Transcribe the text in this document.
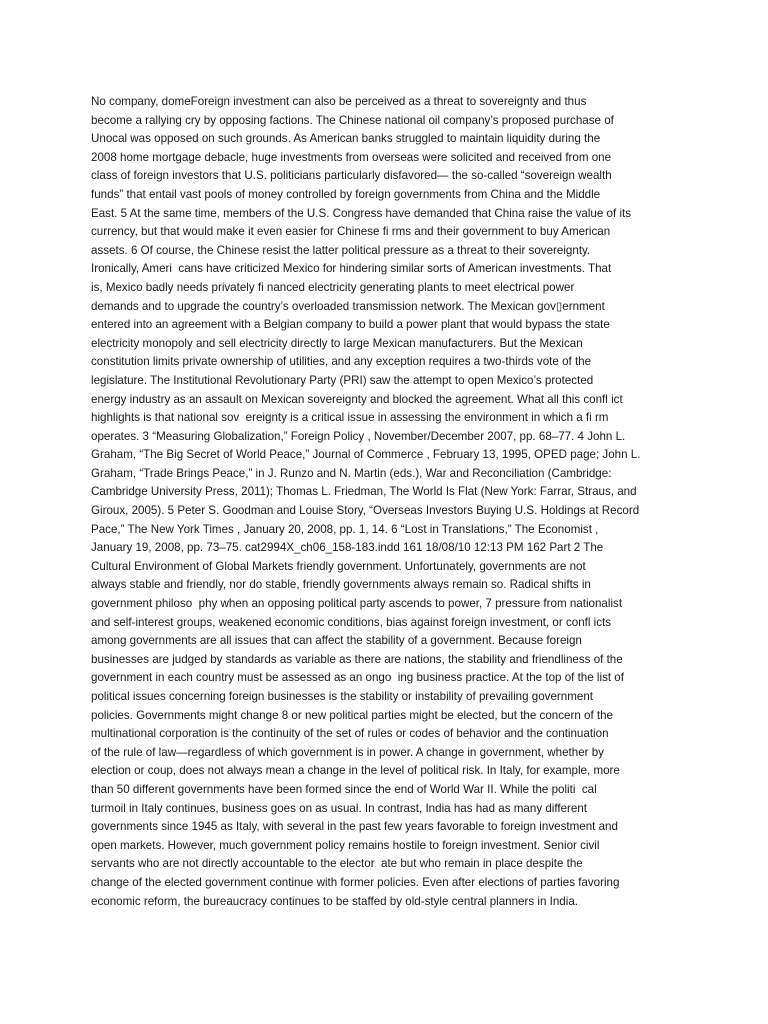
No company, domeForeign investment can also be perceived as a threat to sovereignty and thus
become a rallying cry by opposing factions. The Chinese national oil company’s proposed purchase of
Unocal was opposed on such grounds. As American banks struggled to maintain liquidity during the
2008 home mortgage debacle, huge investments from overseas were solicited and received from one
class of foreign investors that U.S. politicians particularly disfavored— the so-called “sovereign wealth
funds” that entail vast pools of money controlled by foreign governments from China and the Middle
East. 5 At the same time, members of the U.S. Congress have demanded that China raise the value of its
currency, but that would make it even easier for Chinese fi rms and their government to buy American
assets. 6 Of course, the Chinese resist the latter political pressure as a threat to their sovereignty.
Ironically, Ameri  cans have criticized Mexico for hindering similar sorts of American investments. That
is, Mexico badly needs privately fi nanced electricity generating plants to meet electrical power
demands and to upgrade the country’s overloaded transmission network. The Mexican gov▯ernment
entered into an agreement with a Belgian company to build a power plant that would bypass the state
electricity monopoly and sell electricity directly to large Mexican manufacturers. But the Mexican
constitution limits private ownership of utilities, and any exception requires a two-thirds vote of the
legislature. The Institutional Revolutionary Party (PRI) saw the attempt to open Mexico’s protected
energy industry as an assault on Mexican sovereignty and blocked the agreement. What all this confl ict
highlights is that national sov  ereignty is a critical issue in assessing the environment in which a fi rm
operates. 3 “Measuring Globalization,” Foreign Policy , November/December 2007, pp. 68–77. 4 John L.
Graham, “The Big Secret of World Peace,” Journal of Commerce , February 13, 1995, OPED page; John L.
Graham, “Trade Brings Peace,” in J. Runzo and N. Martin (eds.), War and Reconciliation (Cambridge:
Cambridge University Press, 2011); Thomas L. Friedman, The World Is Flat (New York: Farrar, Straus, and
Giroux, 2005). 5 Peter S. Goodman and Louise Story, “Overseas Investors Buying U.S. Holdings at Record
Pace,” The New York Times , January 20, 2008, pp. 1, 14. 6 “Lost in Translations,” The Economist ,
January 19, 2008, pp. 73–75. cat2994X_ch06_158-183.indd 161 18/08/10 12:13 PM 162 Part 2 The
Cultural Environment of Global Markets friendly government. Unfortunately, governments are not
always stable and friendly, nor do stable, friendly governments always remain so. Radical shifts in
government philoso  phy when an opposing political party ascends to power, 7 pressure from nationalist
and self-interest groups, weakened economic conditions, bias against foreign investment, or confl icts
among governments are all issues that can affect the stability of a government. Because foreign
businesses are judged by standards as variable as there are nations, the stability and friendliness of the
government in each country must be assessed as an ongo  ing business practice. At the top of the list of
political issues concerning foreign businesses is the stability or instability of prevailing government
policies. Governments might change 8 or new political parties might be elected, but the concern of the
multinational corporation is the continuity of the set of rules or codes of behavior and the continuation
of the rule of law—regardless of which government is in power. A change in government, whether by
election or coup, does not always mean a change in the level of political risk. In Italy, for example, more
than 50 different governments have been formed since the end of World War II. While the politi  cal
turmoil in Italy continues, business goes on as usual. In contrast, India has had as many different
governments since 1945 as Italy, with several in the past few years favorable to foreign investment and
open markets. However, much government policy remains hostile to foreign investment. Senior civil
servants who are not directly accountable to the elector  ate but who remain in place despite the
change of the elected government continue with former policies. Even after elections of parties favoring
economic reform, the bureaucracy continues to be staffed by old-style central planners in India.
